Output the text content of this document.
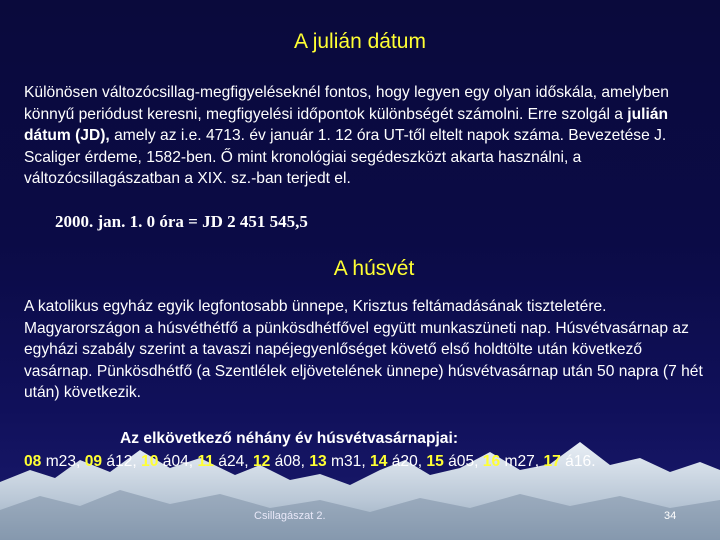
A julián dátum
Különösen változócsillag-megfigyeléseknél fontos, hogy legyen egy olyan időskála, amelyben könnyű periódust keresni, megfigyelési időpontok különbségét számolni. Erre szolgál a julián dátum (JD), amely az i.e. 4713. év január 1. 12 óra UT-től eltelt napok száma. Bevezetése J. Scaliger érdeme, 1582-ben. Ő mint kronológiai segédeszközt akarta használni, a változócsillagászatban a XIX. sz.-ban terjedt el.
2000. jan. 1. 0 óra = JD 2 451 545,5
A húsvét
A katolikus egyház egyik legfontosabb ünnepe, Krisztus feltámadásának tiszteletére. Magyarországon a húsvéthétfő a pünkösdhétfővel együtt munkaszüneti nap. Húsvétvasárnap az egyházi szabály szerint a tavaszi napéjegyenlőséget követő első holdtölte után következő vasárnap. Pünkösdhétfő (a Szentlélek eljövetelének ünnepe) húsvétvasárnap után 50 napra (7 hét után) következik.
Az elkövetkező néhány év húsvétvasárnapjai:
08 m23, 09 á12, 10 á04, 11 á24, 12 á08, 13 m31, 14 á20, 15 á05, 16 m27, 17 á16.
Csillagászat 2.	34
